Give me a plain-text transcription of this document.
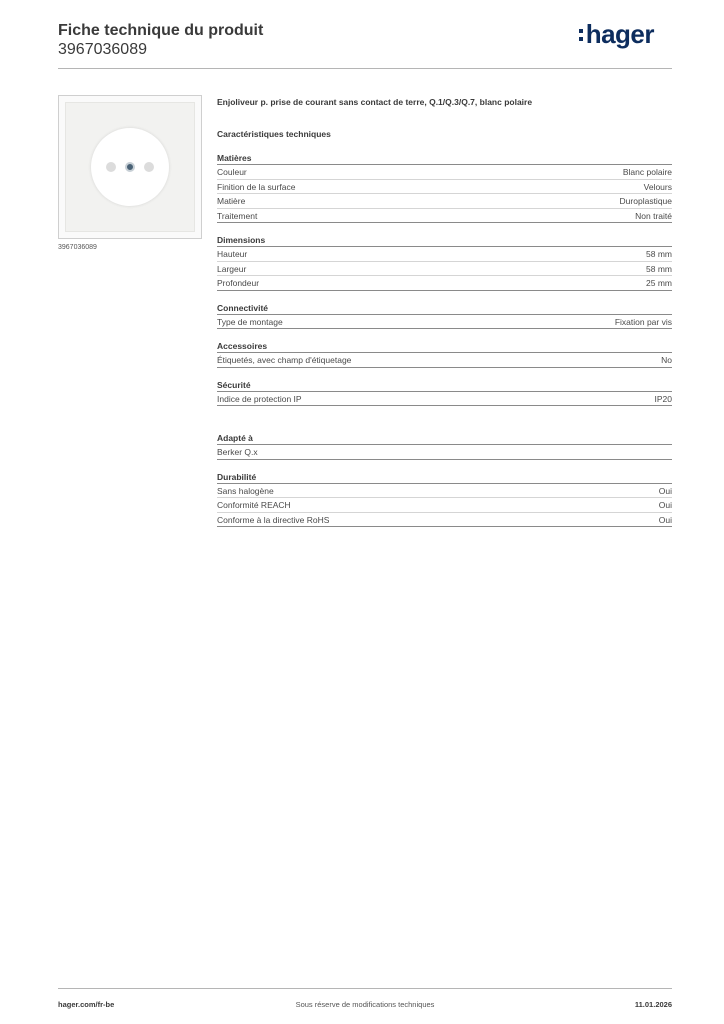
Fiche technique du produit
3967036089
hager
3967036089
Enjoliveur p. prise de courant sans contact de terre, Q.1/Q.3/Q.7, blanc polaire
Caractéristiques techniques
Matières
Couleur	Blanc polaire
Finition de la surface	Velours
Matière	Duroplastique
Traitement	Non traité
Dimensions
Hauteur	58 mm
Largeur	58 mm
Profondeur	25 mm
Connectivité
Type de montage	Fixation par vis
Accessoires
Étiquetés, avec champ d'étiquetage	No
Sécurité
Indice de protection IP	IP20
Adapté à
Berker Q.x
Durabilité
Sans halogène	Oui
Conformité REACH	Oui
Conforme à la directive RoHS	Oui
hager.com/fr-be	Sous réserve de modifications techniques	11.01.2026
